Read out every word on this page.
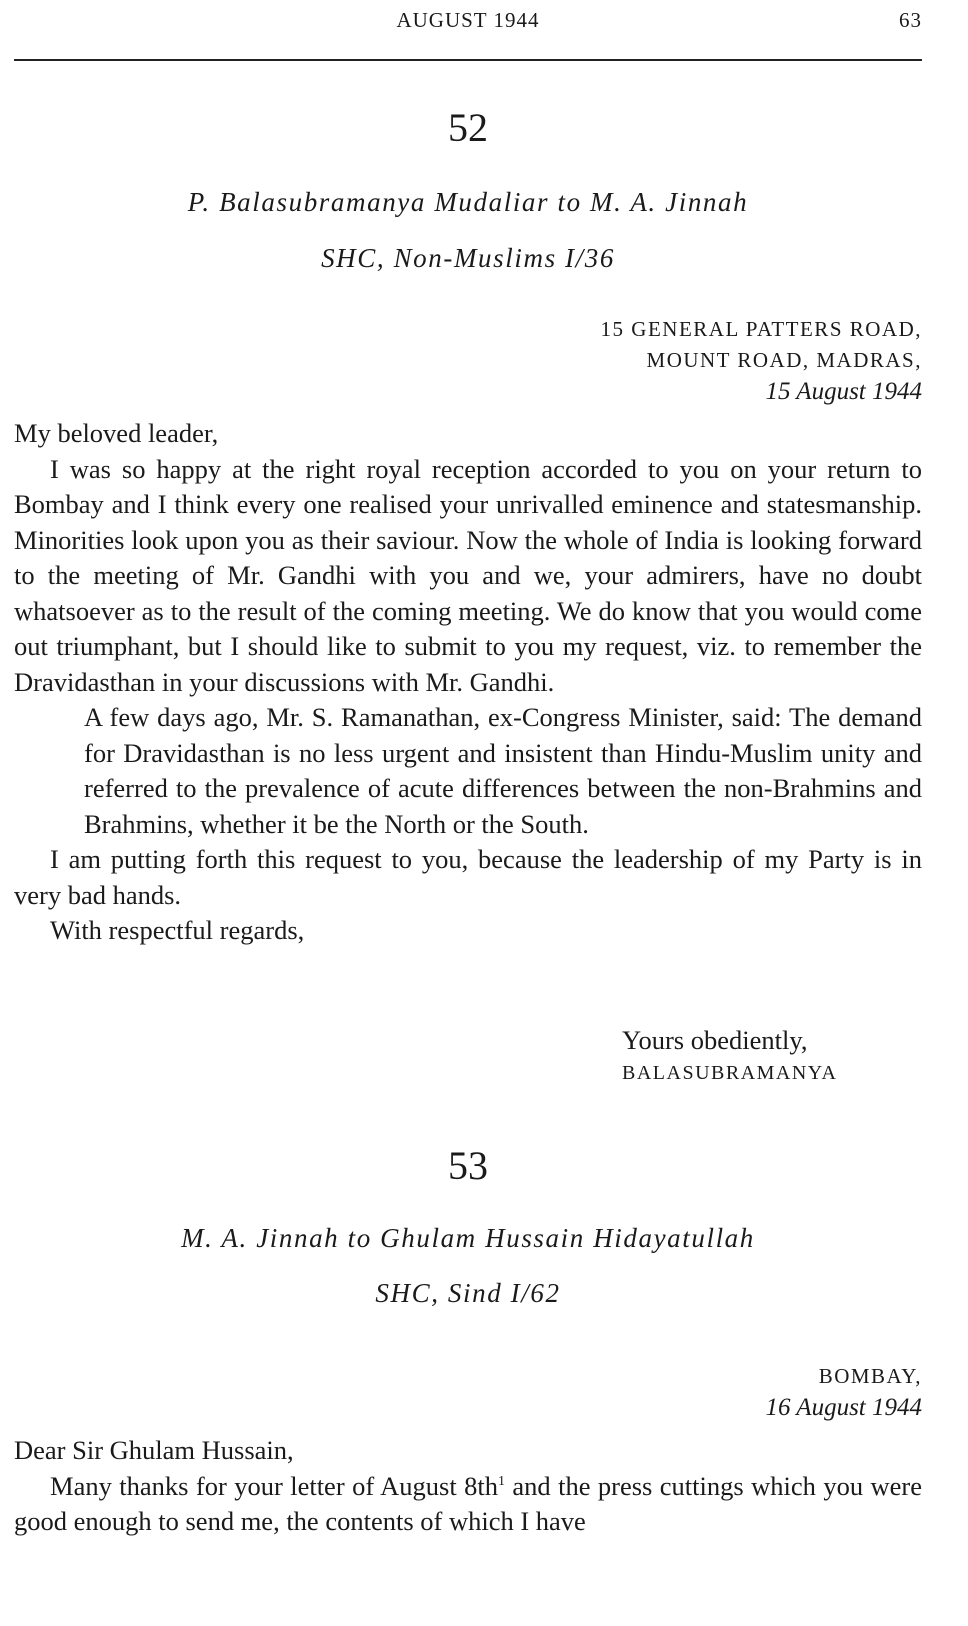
AUGUST 1944	63
52
P. Balasubramanya Mudaliar to M. A. Jinnah
SHC, Non-Muslims I/36
15 GENERAL PATTERS ROAD,
MOUNT ROAD, MADRAS,
15 August 1944

My beloved leader,

I was so happy at the right royal reception accorded to you on your return to Bombay and I think every one realised your unrivalled eminence and statesmanship. Minorities look upon you as their saviour. Now the whole of India is looking forward to the meeting of Mr. Gandhi with you and we, your admirers, have no doubt whatsoever as to the result of the coming meeting. We do know that you would come out triumphant, but I should like to submit to you my request, viz. to remember the Dravidasthan in your discussions with Mr. Gandhi.

A few days ago, Mr. S. Ramanathan, ex-Congress Minister, said: The demand for Dravidasthan is no less urgent and insistent than Hindu-Muslim unity and referred to the prevalence of acute differences between the non-Brahmins and Brahmins, whether it be the North or the South.

I am putting forth this request to you, because the leadership of my Party is in very bad hands.

With respectful regards,

Yours obediently,
BALASUBRAMANYA
53
M. A. Jinnah to Ghulam Hussain Hidayatullah
SHC, Sind I/62
BOMBAY,
16 August 1944

Dear Sir Ghulam Hussain,

Many thanks for your letter of August $8th^1$ and the press cuttings which you were good enough to send me, the contents of which I have
